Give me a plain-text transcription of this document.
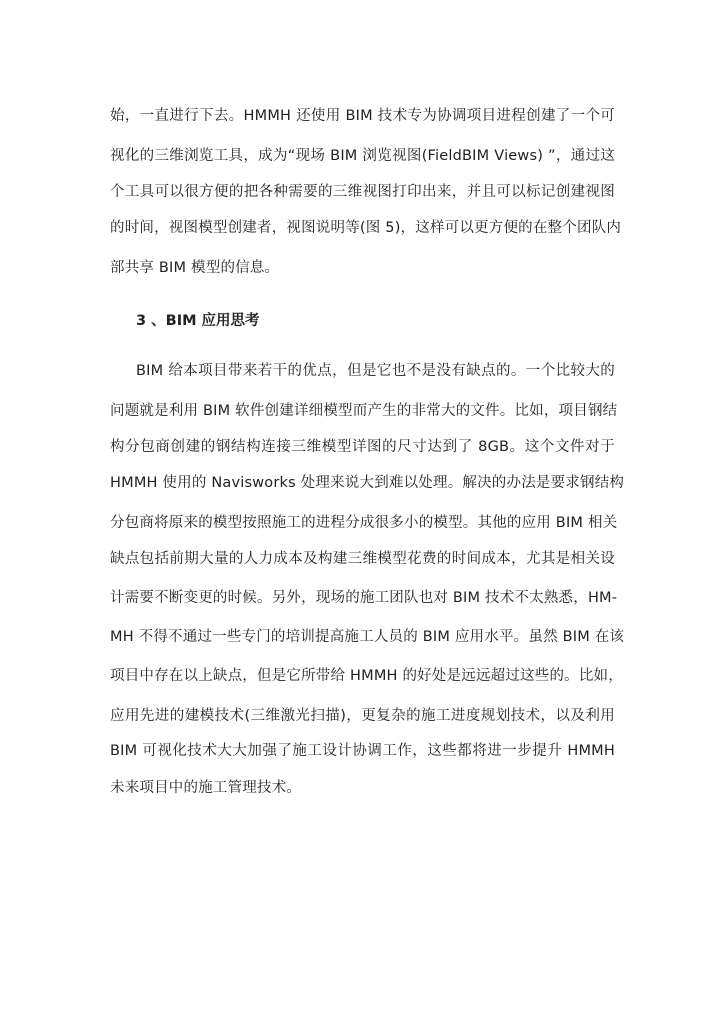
始，一直进行下去。HMMH 还使用 BIM 技术专为协调项目进程创建了一个可
视化的三维浏览工具，成为“现场 BIM 浏览视图(FieldBIM Views) ”，通过这
个工具可以很方便的把各种需要的三维视图打印出来，并且可以标记创建视图
的时间，视图模型创建者，视图说明等(图 5)，这样可以更方便的在整个团队内
部共享 BIM 模型的信息。
3 、BIM 应用思考
BIM 给本项目带来若干的优点，但是它也不是没有缺点的。一个比较大的
问题就是利用 BIM 软件创建详细模型而产生的非常大的文件。比如，项目钢结
构分包商创建的钢结构连接三维模型详图的尺寸达到了 8GB。这个文件对于
HMMH 使用的 Navisworks 处理来说大到难以处理。解决的办法是要求钢结构
分包商将原来的模型按照施工的进程分成很多小的模型。其他的应用 BIM 相关
缺点包括前期大量的人力成本及构建三维模型花费的时间成本，尤其是相关设
计需要不断变更的时候。另外，现场的施工团队也对 BIM 技术不太熟悉，HM-
MH 不得不通过一些专门的培训提高施工人员的 BIM 应用水平。虽然 BIM 在该
项目中存在以上缺点，但是它所带给 HMMH 的好处是远远超过这些的。比如，
应用先进的建模技术(三维激光扫描)，更复杂的施工进度规划技术，以及利用
BIM 可视化技术大大加强了施工设计协调工作，这些都将进一步提升 HMMH
未来项目中的施工管理技术。
